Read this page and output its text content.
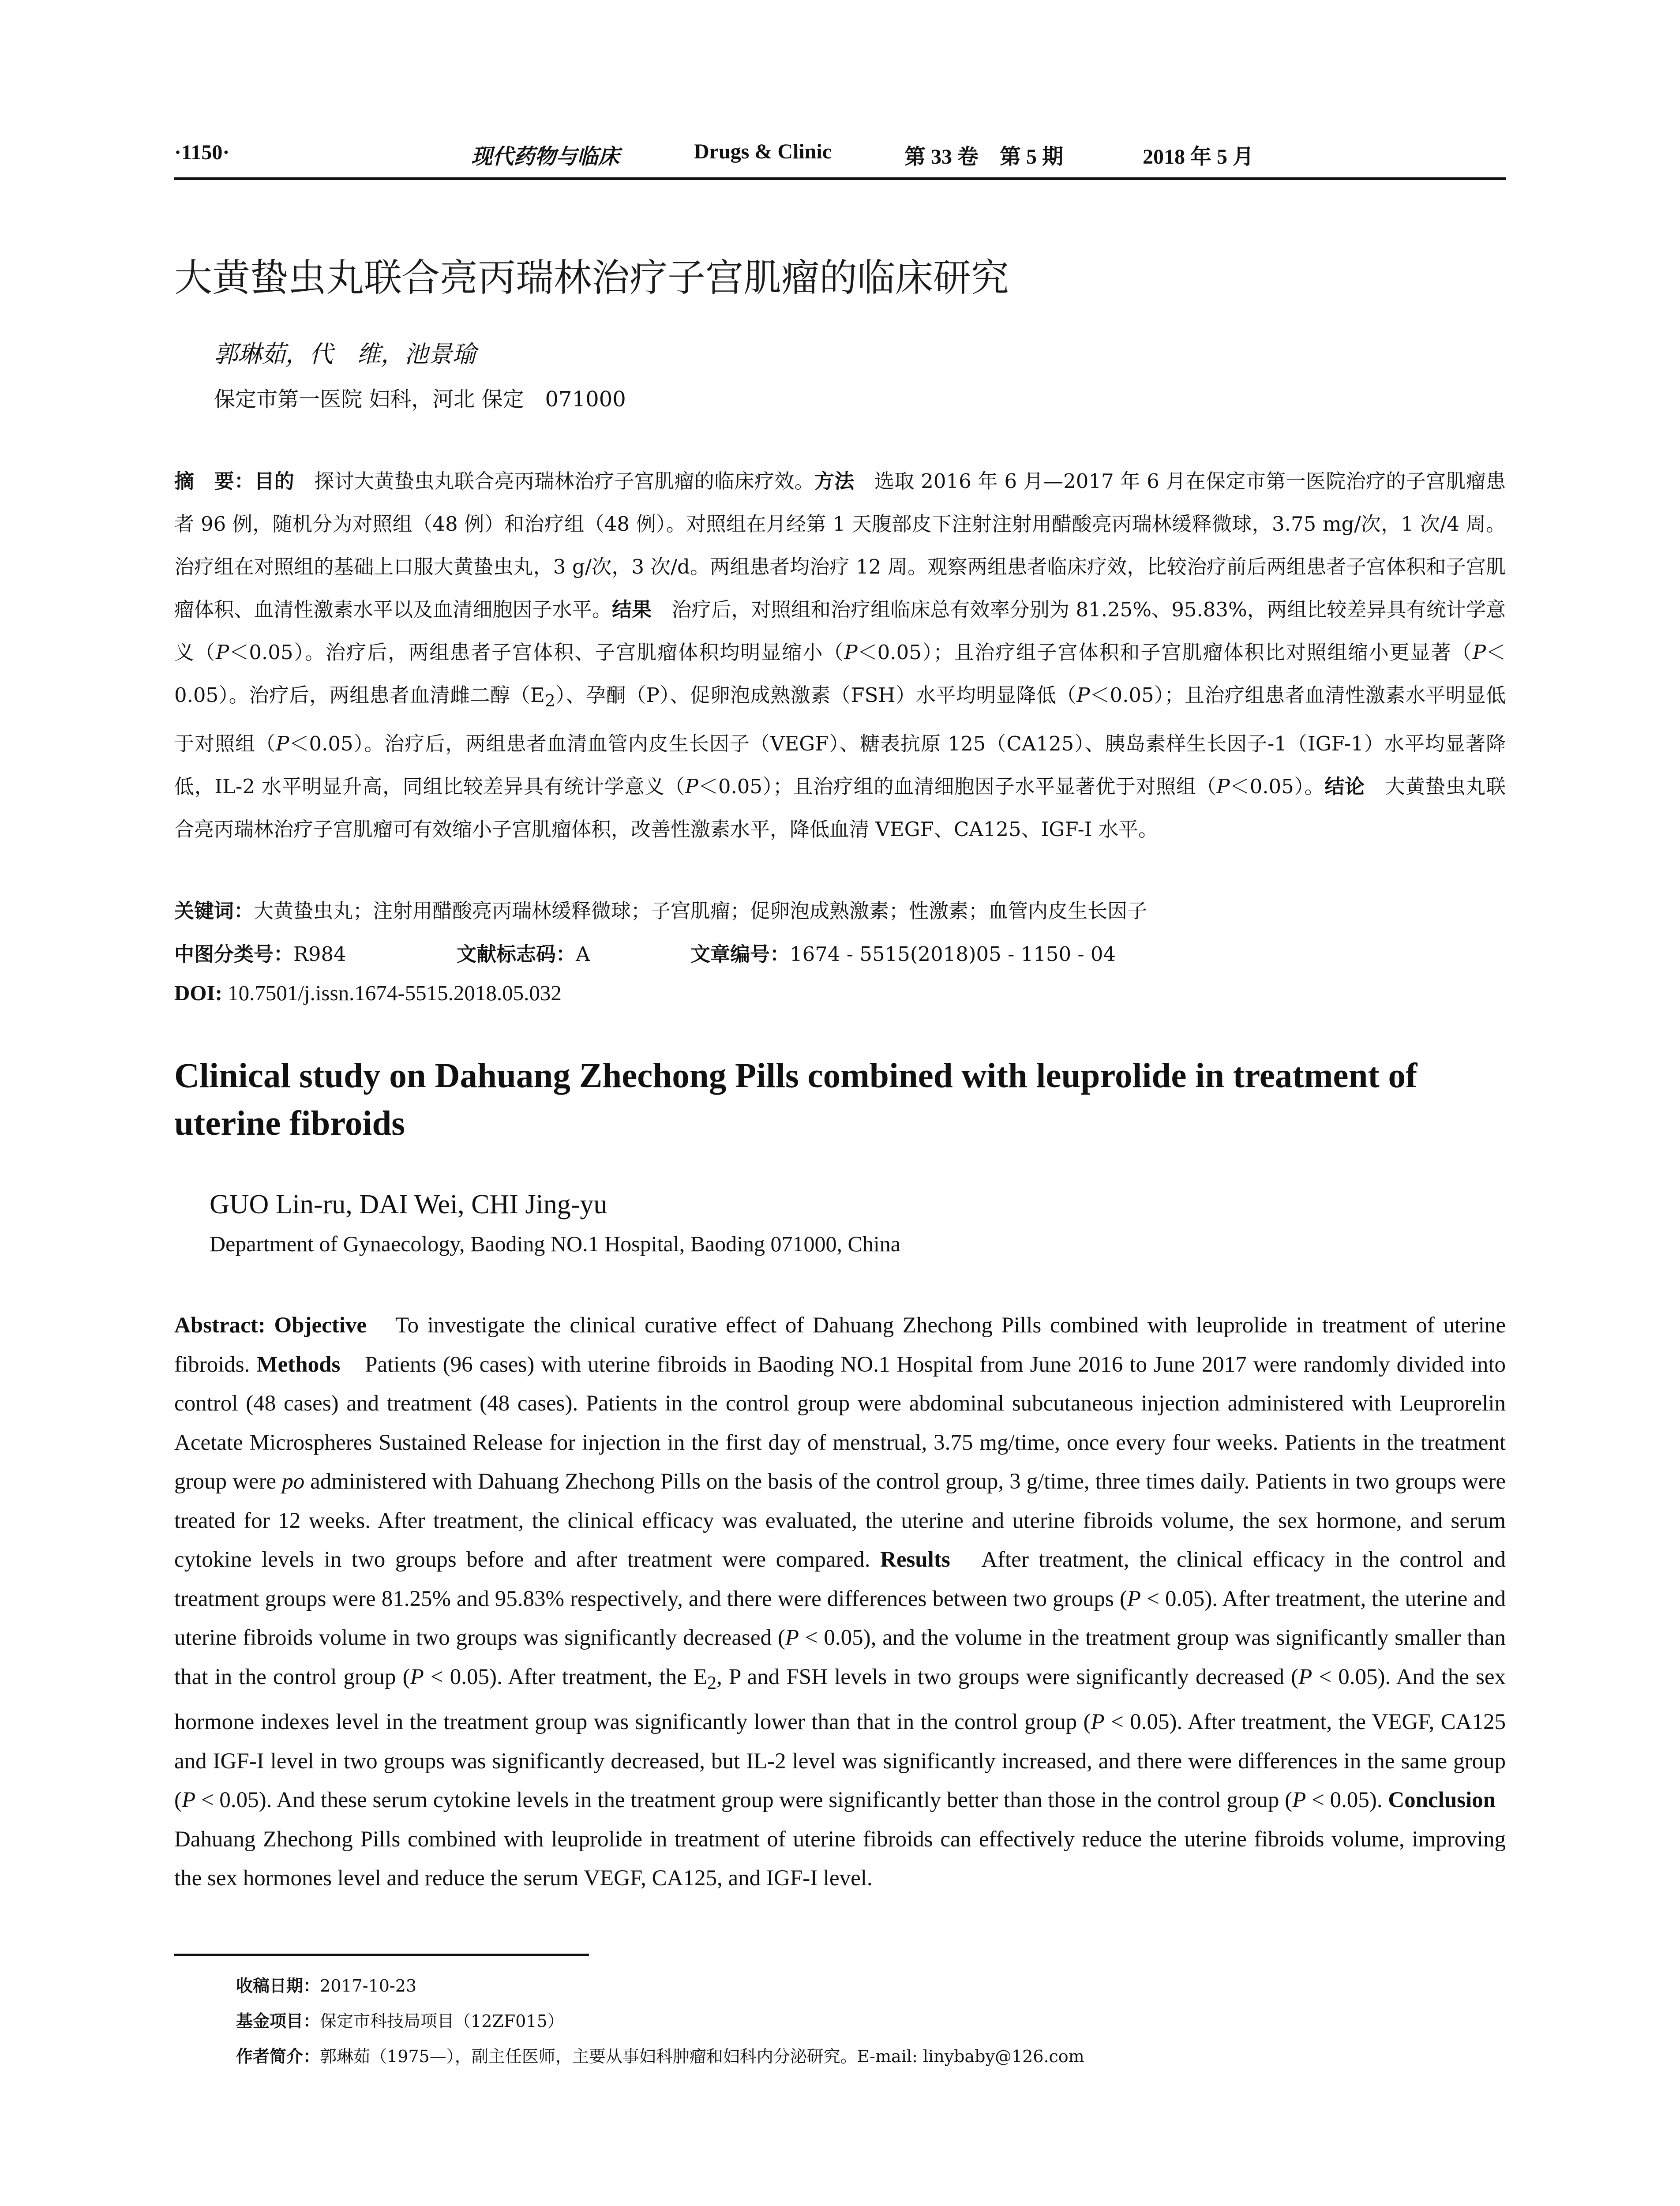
·1150·	现代药物与临床	Drugs & Clinic	第 33 卷　第 5 期	2018 年 5 月
大黄蛰虫丸联合亮丙瑞林治疗子宫肌瘤的临床研究
郭琳茹，代　维，池景瑜
保定市第一医院 妇科，河北 保定　071000
摘　要：目的　探讨大黄蛰虫丸联合亮丙瑞林治疗子宫肌瘤的临床疗效。方法　选取 2016 年 6 月—2017 年 6 月在保定市第一医院治疗的子宫肌瘤患者 96 例，随机分为对照组（48 例）和治疗组（48 例）。对照组在月经第 1 天腹部皮下注射注射用醋酸亮丙瑞林缓释微球，3.75 mg/次，1 次/4 周。治疗组在对照组的基础上口服大黄蛰虫丸，3 g/次，3 次/d。两组患者均治疗 12 周。观察两组患者临床疗效，比较治疗前后两组患者子宫体积和子宫肌瘤体积、血清性激素水平以及血清细胞因子水平。结果　治疗后，对照组和治疗组临床总有效率分别为 81.25%、95.83%，两组比较差异具有统计学意义（P＜0.05）。治疗后，两组患者子宫体积、子宫肌瘤体积均明显缩小（P＜0.05）；且治疗组子宫体积和子宫肌瘤体积比对照组缩小更显著（P＜0.05）。治疗后，两组患者血清雌二醇$(E_2)$、孕酮（P）、促卵泡成熟激素（FSH）水平均明显降低（P＜0.05）；且治疗组患者血清性激素水平明显低于对照组（P＜0.05）。治疗后，两组患者血清血管内皮生长因子（VEGF）、糖表抗原 125（CA125）、胰岛素样生长因子-1（IGF-1）水平均显著降低，IL-2 水平明显升高，同组比较差异具有统计学意义（P＜0.05）；且治疗组的血清细胞因子水平显著优于对照组（P＜0.05）。结论　大黄蛰虫丸联合亮丙瑞林治疗子宫肌瘤可有效缩小子宫肌瘤体积，改善性激素水平，降低血清 VEGF、CA125、IGF-I 水平。
关键词：大黄蛰虫丸；注射用醋酸亮丙瑞林缓释微球；子宫肌瘤；促卵泡成熟激素；性激素；血管内皮生长因子
中图分类号：R984	文献标志码：A	文章编号：1674 - 5515(2018)05 - 1150 - 04
DOI: 10.7501/j.issn.1674-5515.2018.05.032
Clinical study on Dahuang Zhechong Pills combined with leuprolide in treatment of uterine fibroids
GUO Lin-ru, DAI Wei, CHI Jing-yu
Department of Gynaecology, Baoding NO.1 Hospital, Baoding 071000, China
Abstract: Objective　To investigate the clinical curative effect of Dahuang Zhechong Pills combined with leuprolide in treatment of uterine fibroids. Methods　Patients (96 cases) with uterine fibroids in Baoding NO.1 Hospital from June 2016 to June 2017 were randomly divided into control (48 cases) and treatment (48 cases). Patients in the control group were abdominal subcutaneous injection administered with Leuprorelin Acetate Microspheres Sustained Release for injection in the first day of menstrual, 3.75 mg/time, once every four weeks. Patients in the treatment group were po administered with Dahuang Zhechong Pills on the basis of the control group, 3 g/time, three times daily. Patients in two groups were treated for 12 weeks. After treatment, the clinical efficacy was evaluated, the uterine and uterine fibroids volume, the sex hormone, and serum cytokine levels in two groups before and after treatment were compared. Results　After treatment, the clinical efficacy in the control and treatment groups were 81.25% and 95.83% respectively, and there were differences between two groups (P < 0.05). After treatment, the uterine and uterine fibroids volume in two groups was significantly decreased (P < 0.05), and the volume in the treatment group was significantly smaller than that in the control group (P < 0.05). After treatment, the $E_2$, P and FSH levels in two groups were significantly decreased (P < 0.05). And the sex hormone indexes level in the treatment group was significantly lower than that in the control group (P < 0.05). After treatment, the VEGF, CA125 and IGF-I level in two groups was significantly decreased, but IL-2 level was significantly increased, and there were differences in the same group (P < 0.05). And these serum cytokine levels in the treatment group were significantly better than those in the control group (P < 0.05). Conclusion　Dahuang Zhechong Pills combined with leuprolide in treatment of uterine fibroids can effectively reduce the uterine fibroids volume, improving the sex hormones level and reduce the serum VEGF, CA125, and IGF-I level.
收稿日期：2017-10-23
基金项目：保定市科技局项目（12ZF015）
作者简介：郭琳茹（1975—），副主任医师，主要从事妇科肿瘤和妇科内分泌研究。E-mail: linybaby@126.com
